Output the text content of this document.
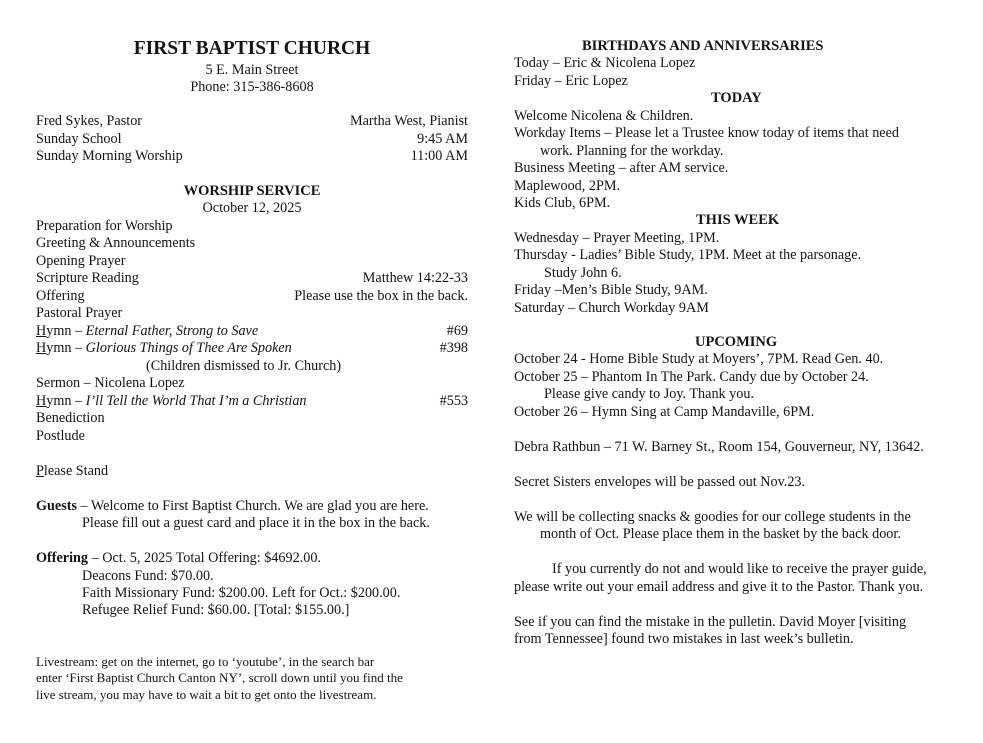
FIRST BAPTIST CHURCH
5 E. Main Street
Phone: 315-386-8608
Fred Sykes, Pastor	Martha West, Pianist
Sunday School	9:45 AM
Sunday Morning Worship	11:00 AM
WORSHIP SERVICE
October 12, 2025
Preparation for Worship
Greeting & Announcements
Opening Prayer
Scripture Reading	Matthew 14:22-33
Offering	Please use the box in the back.
Pastoral Prayer
Hymn – Eternal Father, Strong to Save	#69
Hymn – Glorious Things of Thee Are Spoken	#398
(Children dismissed to Jr. Church)
Sermon – Nicolena Lopez
Hymn – I’ll Tell the World That I’m a Christian	#553
Benediction
Postlude
Please Stand
Guests – Welcome to First Baptist Church. We are glad you are here.
Please fill out a guest card and place it in the box in the back.
Offering – Oct. 5, 2025 Total Offering: $4692.00.
Deacons Fund: $70.00.
Faith Missionary Fund: $200.00. Left for Oct.: $200.00.
Refugee Relief Fund: $60.00. [Total: $155.00.]
Livestream: get on the internet, go to ‘youtube’, in the search bar
enter ‘First Baptist Church Canton NY’, scroll down until you find the
live stream, you may have to wait a bit to get onto the livestream.
BIRTHDAYS AND ANNIVERSARIES
Today – Eric & Nicolena Lopez
Friday – Eric Lopez
TODAY
Welcome Nicolena & Children.
Workday Items – Please let a Trustee know today of items that need
work. Planning for the workday.
Business Meeting – after AM service.
Maplewood, 2PM.
Kids Club, 6PM.
THIS WEEK
Wednesday – Prayer Meeting, 1PM.
Thursday - Ladies’ Bible Study, 1PM. Meet at the parsonage.
Study John 6.
Friday –Men’s Bible Study, 9AM.
Saturday – Church Workday 9AM
UPCOMING
October 24 - Home Bible Study at Moyers’, 7PM. Read Gen. 40.
October 25 – Phantom In The Park. Candy due by October 24.
Please give candy to Joy. Thank you.
October 26 – Hymn Sing at Camp Mandaville, 6PM.
Debra Rathbun – 71 W. Barney St., Room 154, Gouverneur, NY, 13642.
Secret Sisters envelopes will be passed out Nov.23.
We will be collecting snacks & goodies for our college students in the
month of Oct. Please place them in the basket by the back door.
If you currently do not and would like to receive the prayer guide,
please write out your email address and give it to the Pastor. Thank you.
See if you can find the mistake in the pulletin. David Moyer [visiting
from Tennessee] found two mistakes in last week’s bulletin.
